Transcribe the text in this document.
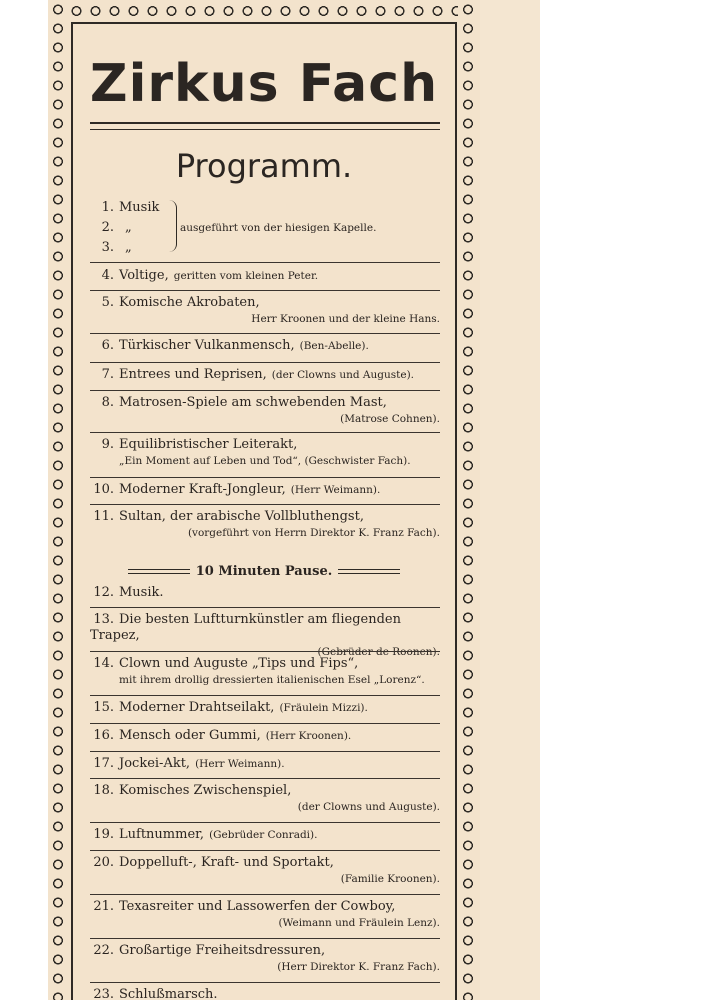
Zirkus Fach
Programm.
1. Musik
2. „
3. „
ausgeführt von der hiesigen Kapelle.
4. Voltige, geritten vom kleinen Peter.
5. Komische Akrobaten,
Herr Kroonen und der kleine Hans.
6. Türkischer Vulkanmensch, (Ben-Abelle).
7. Entrees und Reprisen, (der Clowns und Auguste).
8. Matrosen-Spiele am schwebenden Mast,
(Matrose Cohnen).
9. Equilibristischer Leiterakt,
„Ein Moment auf Leben und Tod“, (Geschwister Fach).
10. Moderner Kraft-Jongleur, (Herr Weimann).
11. Sultan, der arabische Vollbluthengst,
(vorgeführt von Herrn Direktor K. Franz Fach).
12. Musik.
13. Die besten Luftturnkünstler am fliegenden Trapez,
(Gebrüder de Roonen).
14. Clown und Auguste „Tips und Fips“,
mit ihrem drollig dressierten italienischen Esel „Lorenz“.
15. Moderner Drahtseilakt, (Fräulein Mizzi).
16. Mensch oder Gummi, (Herr Kroonen).
17. Jockei-Akt, (Herr Weimann).
18. Komisches Zwischenspiel,
(der Clowns und Auguste).
19. Luftnummer, (Gebrüder Conradi).
20. Doppelluft-, Kraft- und Sportakt,
(Familie Kroonen).
21. Texasreiter und Lassowerfen der Cowboy,
(Weimann und Fräulein Lenz).
22. Großartige Freiheitsdressuren,
(Herr Direktor K. Franz Fach).
23. Schlußmarsch.
10 Minuten Pause.
